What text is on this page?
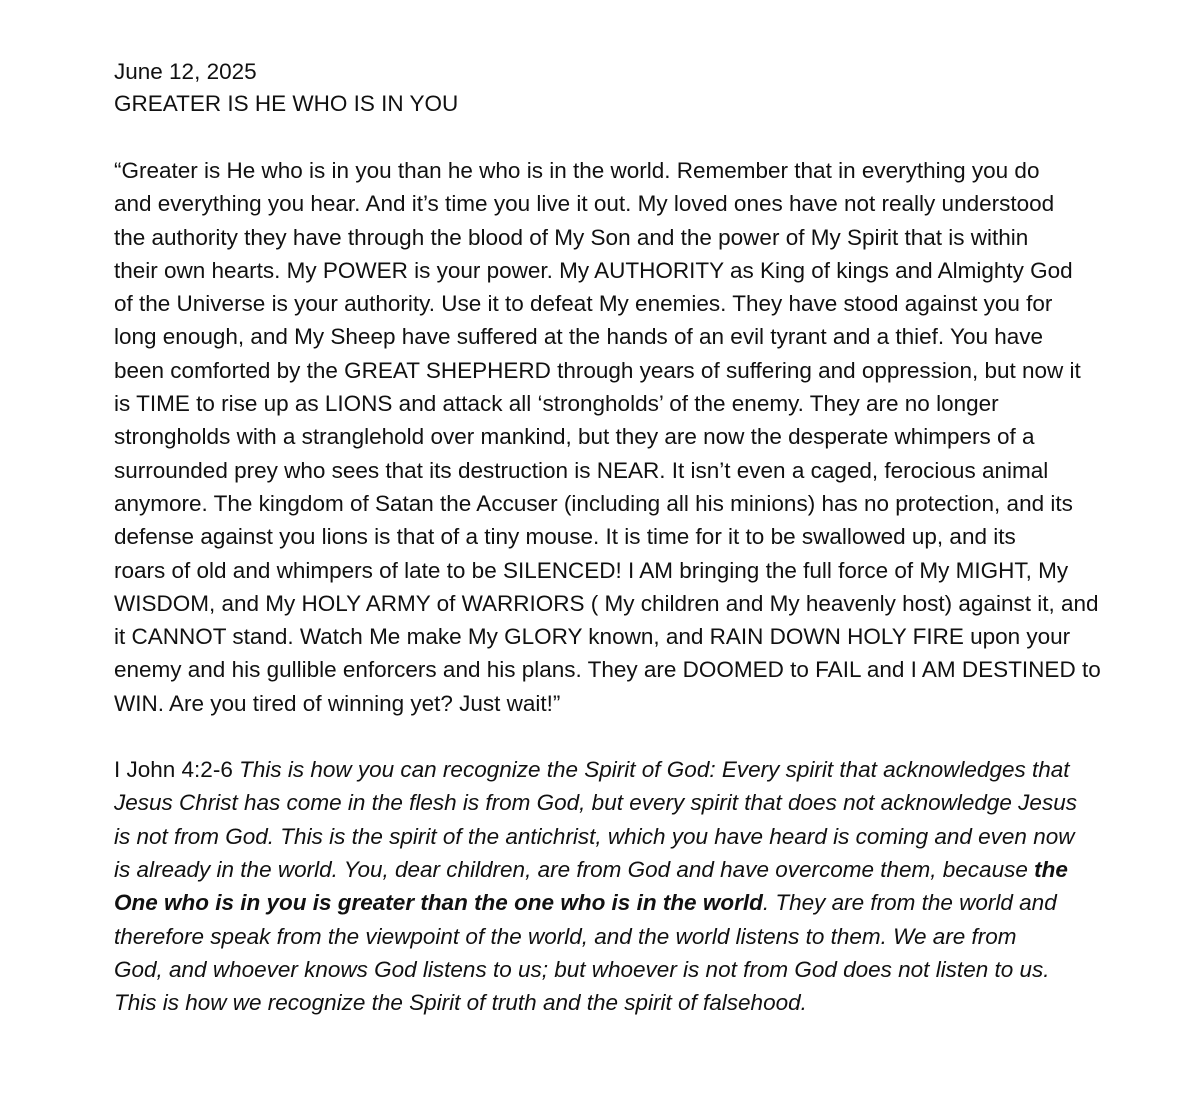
June 12, 2025
GREATER IS HE WHO IS IN YOU
“Greater is He who is in you than he who is in the world. Remember that in everything you do
and everything you hear. And it’s time you live it out. My loved ones have not really understood
the authority they have through the blood of My Son and the power of My Spirit that is within
their own hearts. My POWER is your power. My AUTHORITY as King of kings and Almighty God
of the Universe is your authority. Use it to defeat My enemies. They have stood against you for
long enough, and My Sheep have suffered at the hands of an evil tyrant and a thief. You have
been comforted by the GREAT SHEPHERD through years of suffering and oppression, but now it
is TIME to rise up as LIONS and attack all ‘strongholds’ of the enemy. They are no longer
strongholds with a stranglehold over mankind, but they are now the desperate whimpers of a
surrounded prey who sees that its destruction is NEAR. It isn’t even a caged, ferocious animal
anymore. The kingdom of Satan the Accuser (including all his minions) has no protection, and its
defense against you lions is that of a tiny mouse. It is time for it to be swallowed up, and its
roars of old and whimpers of late to be SILENCED! I AM bringing the full force of My MIGHT, My
WISDOM, and My HOLY ARMY of WARRIORS ( My children and My heavenly host) against it, and
it CANNOT stand. Watch Me make My GLORY known, and RAIN DOWN HOLY FIRE upon your
enemy and his gullible enforcers and his plans. They are DOOMED to FAIL and I AM DESTINED to
WIN. Are you tired of winning yet? Just wait!”
I John 4:2-6 This is how you can recognize the Spirit of God: Every spirit that acknowledges that
Jesus Christ has come in the flesh is from God, but every spirit that does not acknowledge Jesus
is not from God. This is the spirit of the antichrist, which you have heard is coming and even now
is already in the world. You, dear children, are from God and have overcome them, because the
One who is in you is greater than the one who is in the world. They are from the world and
therefore speak from the viewpoint of the world, and the world listens to them. We are from
God, and whoever knows God listens to us; but whoever is not from God does not listen to us.
This is how we recognize the Spirit of truth and the spirit of falsehood.
